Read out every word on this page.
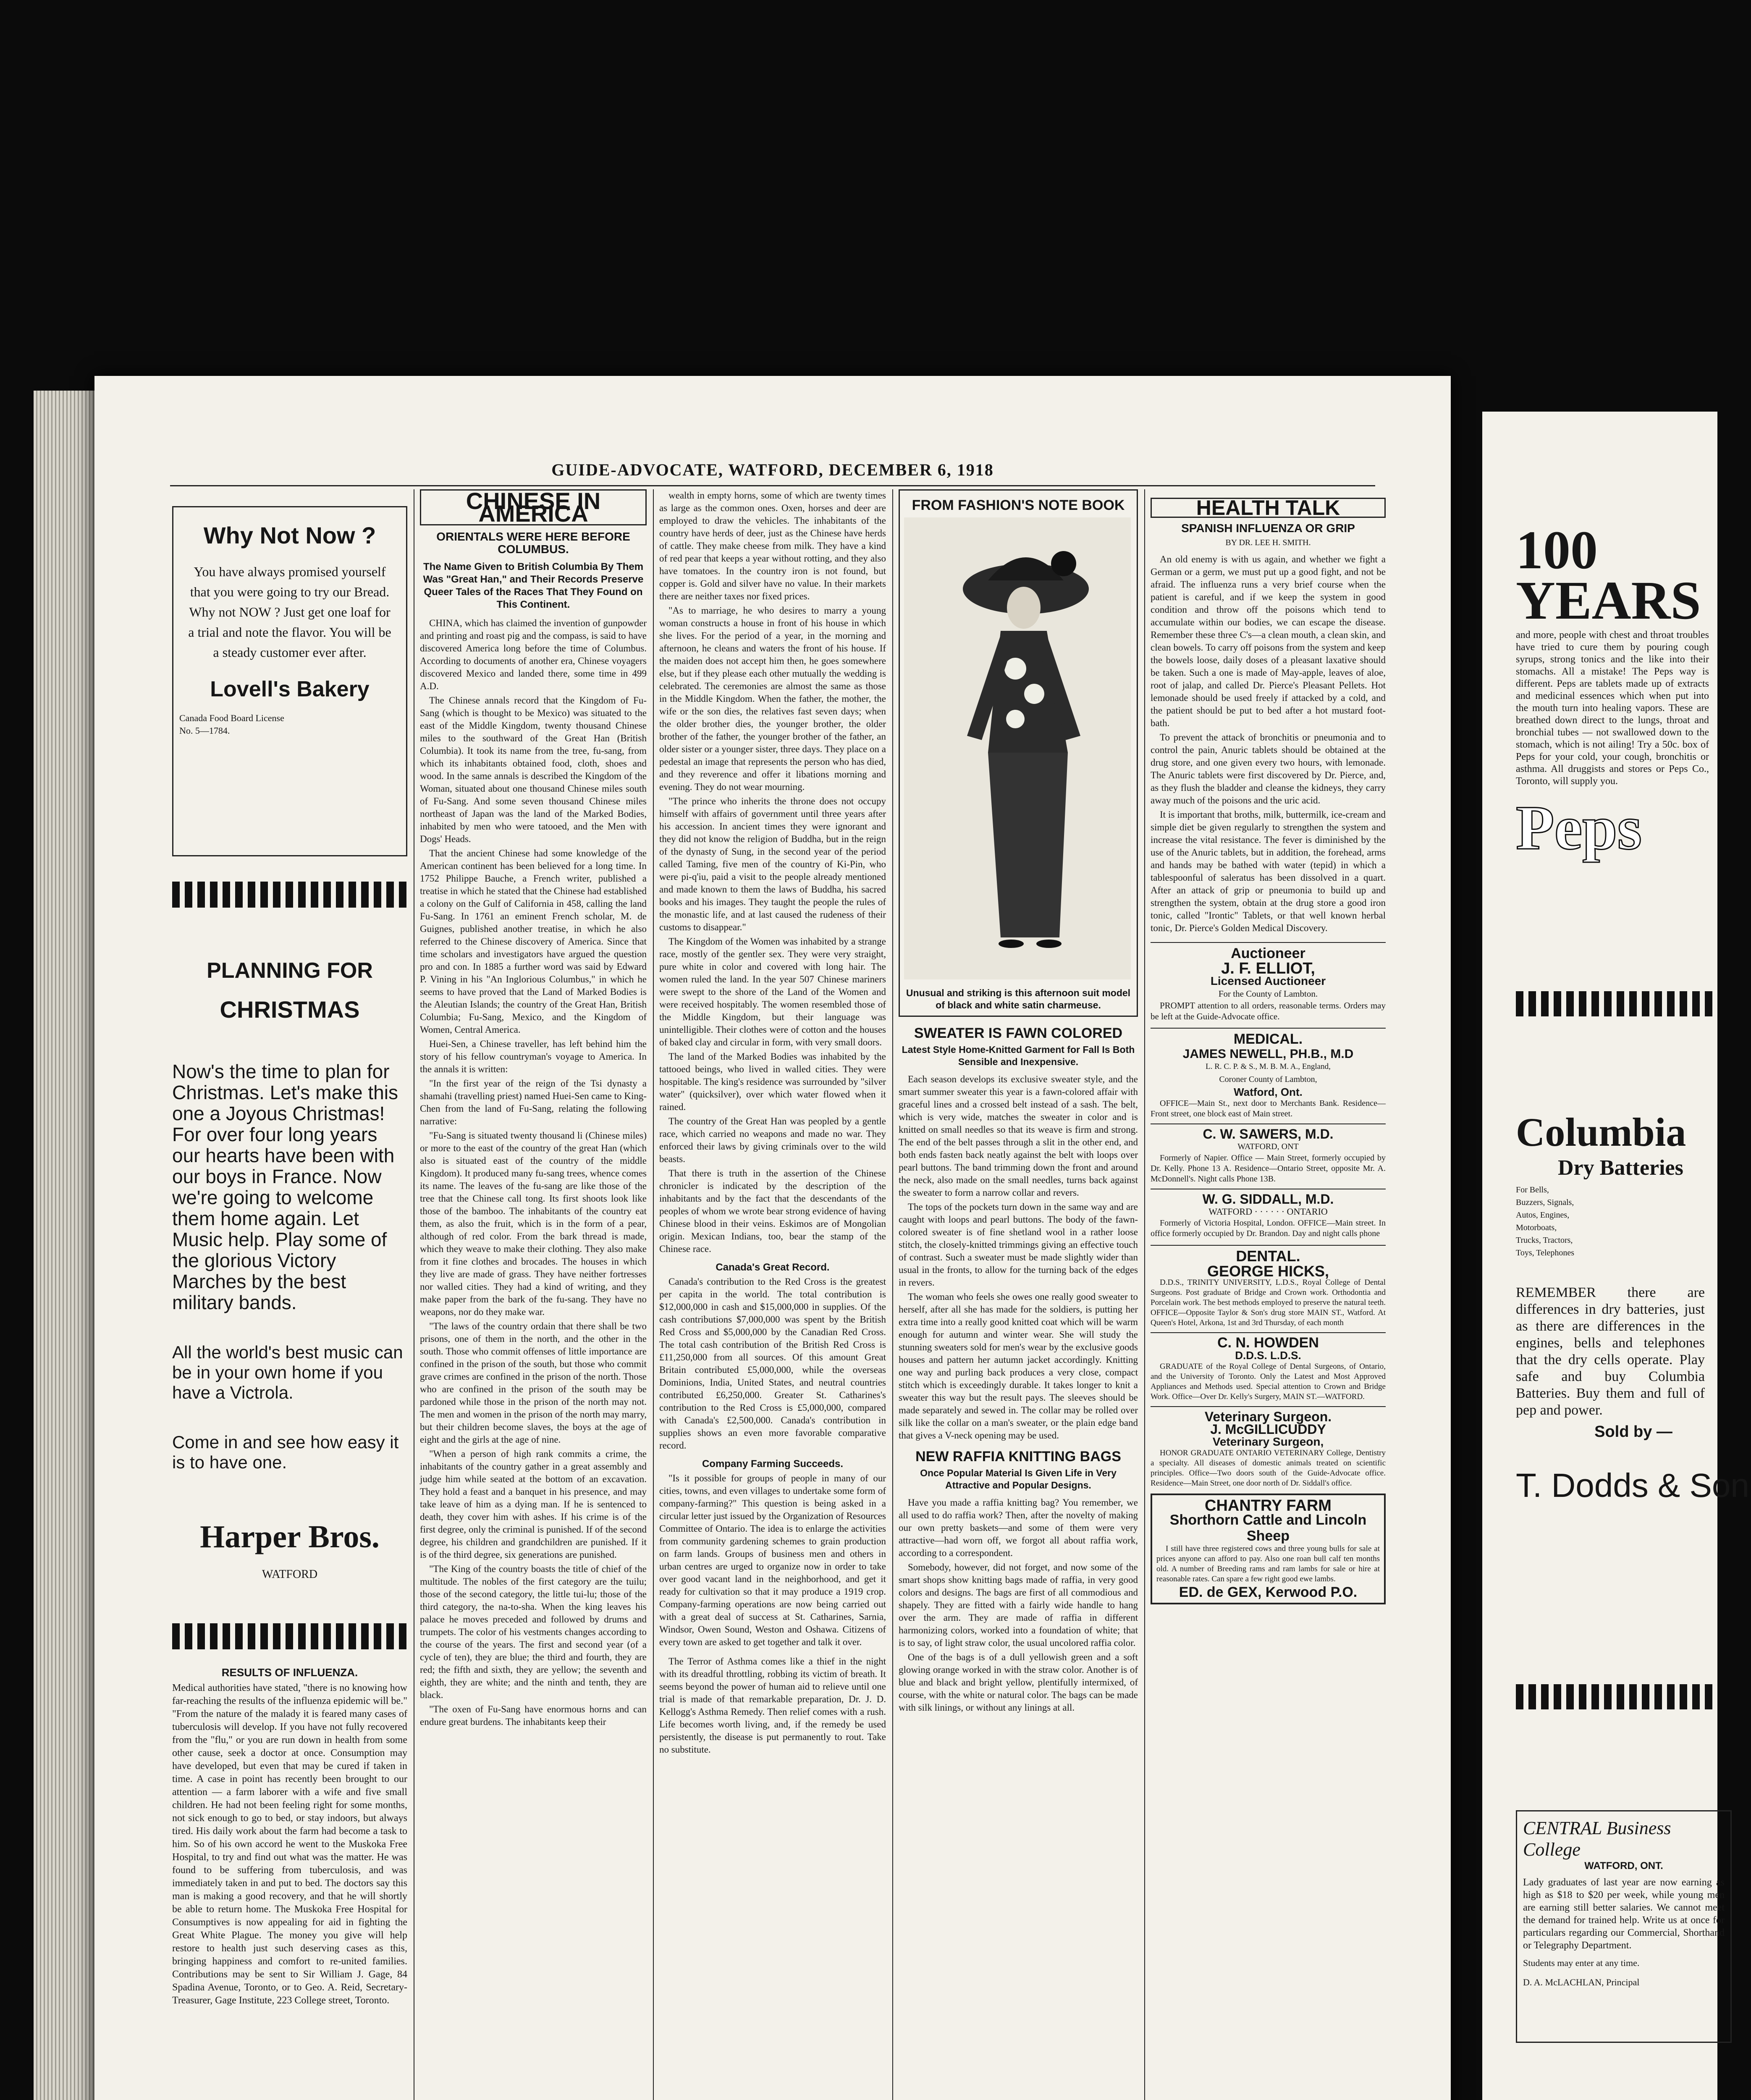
GUIDE-ADVOCATE, WATFORD, DECEMBER 6, 1918
Why Not Now ?
You have always promised yourself that you were going to try our Bread. Why not NOW ? Just get one loaf for a trial and note the flavor. You will be a steady customer ever after.
Lovell's Bakery
Canada Food Board License No. 5—1784.
PLANNING FOR
CHRISTMAS
Now's the time to plan for Christmas. Let's make this one a Joyous Christmas! For over four long years our hearts have been with our boys in France. Now we're going to welcome them home again. Let Music help. Play some of the glorious Victory Marches by the best military bands.
All the world's best music can be in your own home if you have a Victrola.
Come in and see how easy it is to have one.
Harper Bros.
WATFORD
RESULTS OF INFLUENZA.
Medical authorities have stated, "there is no knowing how far-reaching the results of the influenza epidemic will be." "From the nature of the malady it is feared many cases of tuberculosis will develop. If you have not fully recovered from the "flu," or you are run down in health from some other cause, seek a doctor at once. Consumption may have developed, but even that may be cured if taken in time. A case in point has recently been brought to our attention — a farm laborer with a wife and five small children. He had not been feeling right for some months, not sick enough to go to bed, or stay indoors, but always tired. His daily work about the farm had become a task to him. So of his own accord he went to the Muskoka Free Hospital, to try and find out what was the matter. He was found to be suffering from tuberculosis, and was immediately taken in and put to bed. The doctors say this man is making a good recovery, and that he will shortly be able to return home. The Muskoka Free Hospital for Consumptives is now appealing for aid in fighting the Great White Plague. The money you give will help restore to health just such deserving cases as this, bringing happiness and comfort to re-united families. Contributions may be sent to Sir William J. Gage, 84 Spadina Avenue, Toronto, or to Geo. A. Reid, Secretary-Treasurer, Gage Institute, 223 College street, Toronto.
CHINESE IN AMERICA
ORIENTALS WERE HERE BEFORE COLUMBUS.
The Name Given to British Columbia By Them Was "Great Han," and Their Records Preserve Queer Tales of the Races That They Found on This Continent.

CHINA, which has claimed the invention of gunpowder and printing and roast pig and the compass, is said to have discovered America long before the time of Columbus. According to documents of another era, Chinese voyagers discovered Mexico and landed there, some time in 499 A.D.

The Chinese annals record that the Kingdom of Fu-Sang (which is thought to be Mexico) was situated to the east of the Middle Kingdom, twenty thousand Chinese miles to the southward of the Great Han (British Columbia). It took its name from the tree, fu-sang, from which its inhabitants obtained food, cloth, shoes and wood. In the same annals is described the Kingdom of the Woman, situated about one thousand Chinese miles south of Fu-Sang. And some seven thousand Chinese miles northeast of Japan was the land of the Marked Bodies, inhabited by men who were tatooed, and the Men with Dogs' Heads.

That the ancient Chinese had some knowledge of the American continent has been believed for a long time. In 1752 Philippe Bauche, a French writer, published a treatise in which he stated that the Chinese had established a colony on the Gulf of California in 458, calling the land Fu-Sang. In 1761 an eminent French scholar, M. de Guignes, published another treatise, in which he also referred to the Chinese discovery of America. Since that time scholars and investigators have argued the question pro and con. In 1885 a further word was said by Edward P. Vining in his "An Inglorious Columbus," in which he seems to have proved that the Land of Marked Bodies is the Aleutian Islands; the country of the Great Han, British Columbia; Fu-Sang, Mexico, and the Kingdom of Women, Central America.

Huei-Sen, a Chinese traveller, has left behind him the story of his fellow countryman's voyage to America. In the annals it is written:

"In the first year of the reign of the Tsi dynasty a shamahi (travelling priest) named Huei-Sen came to King-Chen from the land of Fu-Sang, relating the following narrative:

"Fu-Sang is situated twenty thousand li (Chinese miles) or more to the east of the country of the great Han (which also is situated east of the country of the middle Kingdom). It produced many fu-sang trees, whence comes its name. The leaves of the fu-sang are like those of the tree that the Chinese call tong. Its first shoots look like those of the bamboo. The inhabitants of the country eat them, as also the fruit, which is in the form of a pear, although of red color. From the bark thread is made, which they weave to make their clothing. They also make from it fine clothes and brocades. The houses in which they live are made of grass. They have neither fortresses nor walled cities. They had a kind of writing, and they make paper from the bark of the fu-sang. They have no weapons, nor do they make war.

"The laws of the country ordain that there shall be two prisons, one of them in the north, and the other in the south. Those who commit offenses of little importance are confined in the prison of the south, but those who commit grave crimes are confined in the prison of the north. Those who are confined in the prison of the south may be pardoned while those in the prison of the north may not. The men and women in the prison of the north may marry, but their children become slaves, the boys at the age of eight and the girls at the age of nine.

"When a person of high rank commits a crime, the inhabitants of the country gather in a great assembly and judge him while seated at the bottom of an excavation. They hold a feast and a banquet in his presence, and may take leave of him as a dying man. If he is sentenced to death, they cover him with ashes. If his crime is of the first degree, only the criminal is punished. If of the second degree, his children and grandchildren are punished. If it is of the third degree, six generations are punished.

"The King of the country boasts the title of chief of the multitude. The nobles of the first category are the tuilu; those of the second category, the little tui-lu; those of the third category, the na-to-sha. When the king leaves his palace he moves preceded and followed by drums and trumpets. The color of his vestments changes according to the course of the years. The first and second year (of a cycle of ten), they are blue; the third and fourth, they are red; the fifth and sixth, they are yellow; the seventh and eighth, they are white; and the ninth and tenth, they are black.

"The oxen of Fu-Sang have enormous horns and can endure great burdens. The inhabitants keep their

wealth in empty horns, some of which are twenty times as large as the common ones. Oxen, horses and deer are employed to draw the vehicles. The inhabitants of the country have herds of deer, just as the Chinese have herds of cattle. They make cheese from milk. They have a kind of red pear that keeps a year without rotting, and they also have tomatoes. In the country iron is not found, but copper is. Gold and silver have no value. In their markets there are neither taxes nor fixed prices.

"As to marriage, he who desires to marry a young woman constructs a house in front of his house in which she lives. For the period of a year, in the morning and afternoon, he cleans and waters the front of his house. If the maiden does not accept him then, he goes somewhere else, but if they please each other mutually the wedding is celebrated. The ceremonies are almost the same as those in the Middle Kingdom. When the father, the mother, the wife or the son dies, the relatives fast seven days; when the older brother dies, the younger brother, the older brother of the father, the younger brother of the father, an older sister or a younger sister, three days. They place on a pedestal an image that represents the person who has died, and they reverence and offer it libations morning and evening. They do not wear mourning.

"The prince who inherits the throne does not occupy himself with affairs of government until three years after his accession. In ancient times they were ignorant and they did not know the religion of Buddha, but in the reign of the dynasty of Sung, in the second year of the period called Taming, five men of the country of Ki-Pin, who were pi-q'iu, paid a visit to the people already mentioned and made known to them the laws of Buddha, his sacred books and his images. They taught the people the rules of the monastic life, and at last caused the rudeness of their customs to disappear."

The Kingdom of the Women was inhabited by a strange race, mostly of the gentler sex. They were very straight, pure white in color and covered with long hair. The women ruled the land. In the year 507 Chinese mariners were swept to the shore of the Land of the Women and were received hospitably. The women resembled those of the Middle Kingdom, but their language was unintelligible. Their clothes were of cotton and the houses of baked clay and circular in form, with very small doors.

The land of the Marked Bodies was inhabited by the tattooed beings, who lived in walled cities. They were hospitable. The king's residence was surrounded by "silver water" (quicksilver), over which water flowed when it rained.

The country of the Great Han was peopled by a gentle race, which carried no weapons and made no war. They enforced their laws by giving criminals over to the wild beasts.

That there is truth in the assertion of the Chinese chronicler is indicated by the description of the inhabitants and by the fact that the descendants of the peoples of whom we wrote bear strong evidence of having Chinese blood in their veins. Eskimos are of Mongolian origin. Mexican Indians, too, bear the stamp of the Chinese race.

Canada's Great Record.

Canada's contribution to the Red Cross is the greatest per capita in the world. The total contribution is $12,000,000 in cash and $15,000,000 in supplies. Of the cash contributions $7,000,000 was spent by the British Red Cross and $5,000,000 by the Canadian Red Cross. The total cash contribution of the British Red Cross is £11,250,000 from all sources. Of this amount Great Britain contributed £5,000,000, while the overseas Dominions, India, United States, and neutral countries contributed £6,250,000. Greater St. Catharines's contribution to the Red Cross is £5,000,000, compared with Canada's £2,500,000. Canada's contribution in supplies shows an even more favorable comparative record.

Company Farming Succeeds.

"Is it possible for groups of people in many of our cities, towns, and even villages to undertake some form of company-farming?" This question is being asked in a circular letter just issued by the Organization of Resources Committee of Ontario. The idea is to enlarge the activities from community gardening schemes to grain production on farm lands. Groups of business men and others in urban centres are urged to organize now in order to take over good vacant land in the neighborhood, and get it ready for cultivation so that it may produce a 1919 crop. Company-farming operations are now being carried out with a great deal of success at St. Catharines, Sarnia, Windsor, Owen Sound, Weston and Oshawa. Citizens of every town are asked to get together and talk it over.

The Terror of Asthma comes like a thief in the night with its dreadful throttling, robbing its victim of breath. It seems beyond the power of human aid to relieve until one trial is made of that remarkable preparation, Dr. J. D. Kellogg's Asthma Remedy. Then relief comes with a rush. Life becomes worth living, and, if the remedy be used persistently, the disease is put permanently to rout. Take no substitute.

FROM FASHION'S NOTE BOOK
Unusual and striking is this afternoon suit model of black and white satin charmeuse.
SWEATER IS FAWN COLORED
Latest Style Home-Knitted Garment for Fall Is Both Sensible and Inexpensive.

Each season develops its exclusive sweater style, and the smart summer sweater this year is a fawn-colored affair with graceful lines and a crossed belt instead of a sash. The belt, which is very wide, matches the sweater in color and is knitted on small needles so that its weave is firm and strong. The end of the belt passes through a slit in the other end, and both ends fasten back neatly against the belt with loops over pearl buttons. The band trimming down the front and around the neck, also made on the small needles, turns back against the sweater to form a narrow collar and revers.

The tops of the pockets turn down in the same way and are caught with loops and pearl buttons. The body of the fawn-colored sweater is of fine shetland wool in a rather loose stitch, the closely-knitted trimmings giving an effective touch of contrast. Such a sweater must be made slightly wider than usual in the fronts, to allow for the turning back of the edges in revers.

The woman who feels she owes one really good sweater to herself, after all she has made for the soldiers, is putting her extra time into a really good knitted coat which will be warm enough for autumn and winter wear. She will study the stunning sweaters sold for men's wear by the exclusive goods houses and pattern her autumn jacket accordingly. Knitting one way and purling back produces a very close, compact stitch which is exceedingly durable. It takes longer to knit a sweater this way but the result pays. The sleeves should be made separately and sewed in. The collar may be rolled over silk like the collar on a man's sweater, or the plain edge band that gives a V-neck opening may be used.

NEW RAFFIA KNITTING BAGS
Once Popular Material Is Given Life in Very Attractive and Popular Designs.

Have you made a raffia knitting bag? You remember, we all used to do raffia work? Then, after the novelty of making our own pretty baskets—and some of them were very attractive—had worn off, we forgot all about raffia work, according to a correspondent.

Somebody, however, did not forget, and now some of the smart shops show knitting bags made of raffia, in very good colors and designs. The bags are first of all commodious and shapely. They are fitted with a fairly wide handle to hang over the arm. They are made of raffia in different harmonizing colors, worked into a foundation of white; that is to say, of light straw color, the usual uncolored raffia color.

One of the bags is of a dull yellowish green and a soft glowing orange worked in with the straw color. Another is of blue and black and bright yellow, plentifully intermixed, of course, with the white or natural color. The bags can be made with silk linings, or without any linings at all.

HEALTH TALK
SPANISH INFLUENZA OR GRIP
BY DR. LEE H. SMITH.

An old enemy is with us again, and whether we fight a German or a germ, we must put up a good fight, and not be afraid. The influenza runs a very brief course when the patient is careful, and if we keep the system in good condition and throw off the poisons which tend to accumulate within our bodies, we can escape the disease. Remember these three C's—a clean mouth, a clean skin, and clean bowels. To carry off poisons from the system and keep the bowels loose, daily doses of a pleasant laxative should be taken. Such a one is made of May-apple, leaves of aloe, root of jalap, and called Dr. Pierce's Pleasant Pellets. Hot lemonade should be used freely if attacked by a cold, and the patient should be put to bed after a hot mustard foot-bath.

To prevent the attack of bronchitis or pneumonia and to control the pain, Anuric tablets should be obtained at the drug store, and one given every two hours, with lemonade. The Anuric tablets were first discovered by Dr. Pierce, and, as they flush the bladder and cleanse the kidneys, they carry away much of the poisons and the uric acid.

It is important that broths, milk, buttermilk, ice-cream and simple diet be given regularly to strengthen the system and increase the vital resistance. The fever is diminished by the use of the Anuric tablets, but in addition, the forehead, arms and hands may be bathed with water (tepid) in which a tablespoonful of saleratus has been dissolved in a quart. After an attack of grip or pneumonia to build up and strengthen the system, obtain at the drug store a good iron tonic, called "Irontic" Tablets, or that well known herbal tonic, Dr. Pierce's Golden Medical Discovery.

Auctioneer
J. F. ELLIOT,
Licensed Auctioneer
For the County of Lambton.

PROMPT attention to all orders, reasonable terms. Orders may be left at the Guide-Advocate office.

MEDICAL.
JAMES NEWELL, PH.B., M.D
L. R. C. P. & S., M. B. M. A., England,
Coroner County of Lambton,
Watford, Ont.

OFFICE—Main St., next door to Merchants Bank. Residence—Front street, one block east of Main street.

C. W. SAWERS, M.D.
WATFORD, ONT

Formerly of Napier. Office — Main Street, formerly occupied by Dr. Kelly. Phone 13 A. Residence—Ontario Street, opposite Mr. A. McDonnell's. Night calls Phone 13B.

W. G. SIDDALL, M.D.
WATFORD · · · · · · ONTARIO

Formerly of Victoria Hospital, London. OFFICE—Main street. In office formerly occupied by Dr. Brandon. Day and night calls phone

DENTAL.
GEORGE HICKS,

D.D.S., TRINITY UNIVERSITY, L.D.S., Royal College of Dental Surgeons. Post graduate of Bridge and Crown work. Orthodontia and Porcelain work. The best methods employed to preserve the natural teeth. OFFICE—Opposite Taylor & Son's drug store MAIN ST., Watford. At Queen's Hotel, Arkona, 1st and 3rd Thursday, of each month

C. N. HOWDEN
D.D.S. L.D.S.

GRADUATE of the Royal College of Dental Surgeons, of Ontario, and the University of Toronto. Only the Latest and Most Approved Appliances and Methods used. Special attention to Crown and Bridge Work. Office—Over Dr. Kelly's Surgery, MAIN ST.—WATFORD.

Veterinary Surgeon.
J. McGILLICUDDY
Veterinary Surgeon,

HONOR GRADUATE ONTARIO VETERINARY College, Dentistry a specialty. All diseases of domestic animals treated on scientific principles. Office—Two doors south of the Guide-Advocate office. Residence—Main Street, one door north of Dr. Siddall's office.

CHANTRY FARM
Shorthorn Cattle and Lincoln Sheep

I still have three registered cows and three young bulls for sale at prices anyone can afford to pay. Also one roan bull calf ten months old. A number of Breeding rams and ram lambs for sale or hire at reasonable rates. Can spare a few right good ewe lambs.

ED. de GEX, Kerwood P.O.
100 YEARS
and more, people with chest and throat troubles have tried to cure them by pouring cough syrups, strong tonics and the like into their stomachs. All a mistake! The Peps way is different. Peps are tablets made up of extracts and medicinal essences which when put into the mouth turn into healing vapors. These are breathed down direct to the lungs, throat and bronchial tubes — not swallowed down to the stomach, which is not ailing! Try a 50c. box of Peps for your cold, your cough, bronchitis or asthma. All druggists and stores or Peps Co., Toronto, will supply you.
Peps
Columbia
Dry Batteries
For Bells, Buzzers, Signals, Autos, Engines, Motorboats, Trucks, Tractors, Toys, Telephones
REMEMBER there are differences in dry batteries, just as there are differences in the engines, bells and telephones that the dry cells operate. Play safe and buy Columbia Batteries. Buy them and full of pep and power.
Sold by —
T. Dodds & Son
CENTRAL Business College
WATFORD, ONT.
Lady graduates of last year are now earning as high as $18 to $20 per week, while young men are earning still better salaries. We cannot meet the demand for trained help. Write us at once for particulars regarding our Commercial, Shorthand or Telegraphy Department.
Students may enter at any time.
D. A. McLACHLAN, Principal
